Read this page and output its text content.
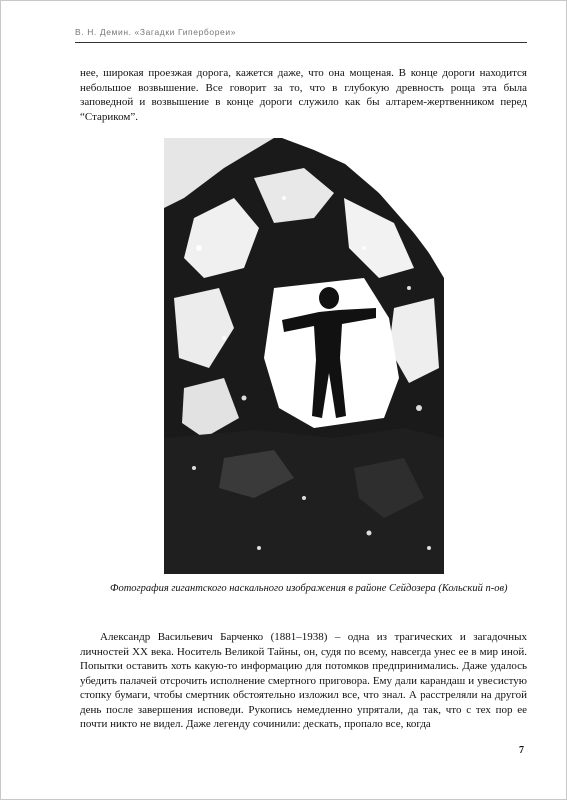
В. Н. Демин. «Загадки Гипербореи»

нее, широкая проезжая дорога, кажется даже, что она мощеная. В конце дороги находится небольшое возвышение. Все говорит за то, что в глубокую древность роща эта была заповедной и возвышение в конце дороги служило как бы алтарем-жертвенником перед “Стариком”.

Фотография гигантского наскального изображения в районе Сейдозера (Кольский п-ов)

Александр Васильевич Барченко (1881–1938) – одна из трагических и загадочных личностей XX века. Носитель Великой Тайны, он, судя по всему, навсегда унес ее в мир иной. Попытки оставить хоть какую-то информацию для потомков предпринимались. Даже удалось убедить палачей отсрочить исполнение смертного приговора. Ему дали карандаш и увесистую стопку бумаги, чтобы смертник обстоятельно изложил все, что знал. А расстреляли на другой день после завершения исповеди. Рукопись немедленно упрятали, да так, что с тех пор ее почти никто не видел. Даже легенду сочинили: дескать, пропало все, когда

7
